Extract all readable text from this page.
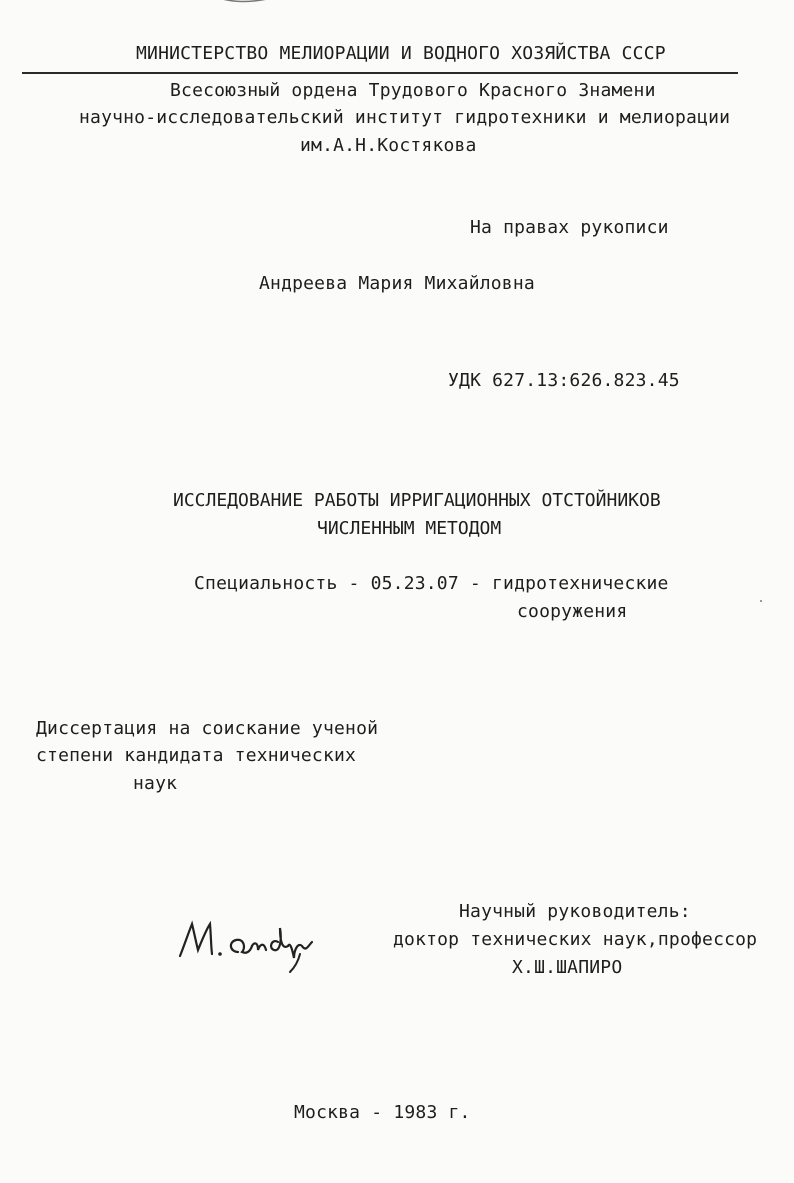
МИНИСТЕРСТВО МЕЛИОРАЦИИ И ВОДНОГО ХОЗЯЙСТВА СССР
Всесоюзный ордена Трудового Красного Знамени
научно-исследовательский институт гидротехники и мелиорации
им.А.Н.Костякова
На правах рукописи
Андреева Мария Михайловна
УДК 627.13:626.823.45
ИССЛЕДОВАНИЕ РАБОТЫ ИРРИГАЦИОННЫХ ОТСТОЙНИКОВ
ЧИСЛЕННЫМ МЕТОДОМ
Специальность - 05.23.07 - гидротехнические
сооружения
Диссертация на соискание ученой
степени кандидата технических
наук
Научный руководитель:
доктор технических наук,профессор
Х.Ш.ШАПИРО
Москва - 1983 г.
